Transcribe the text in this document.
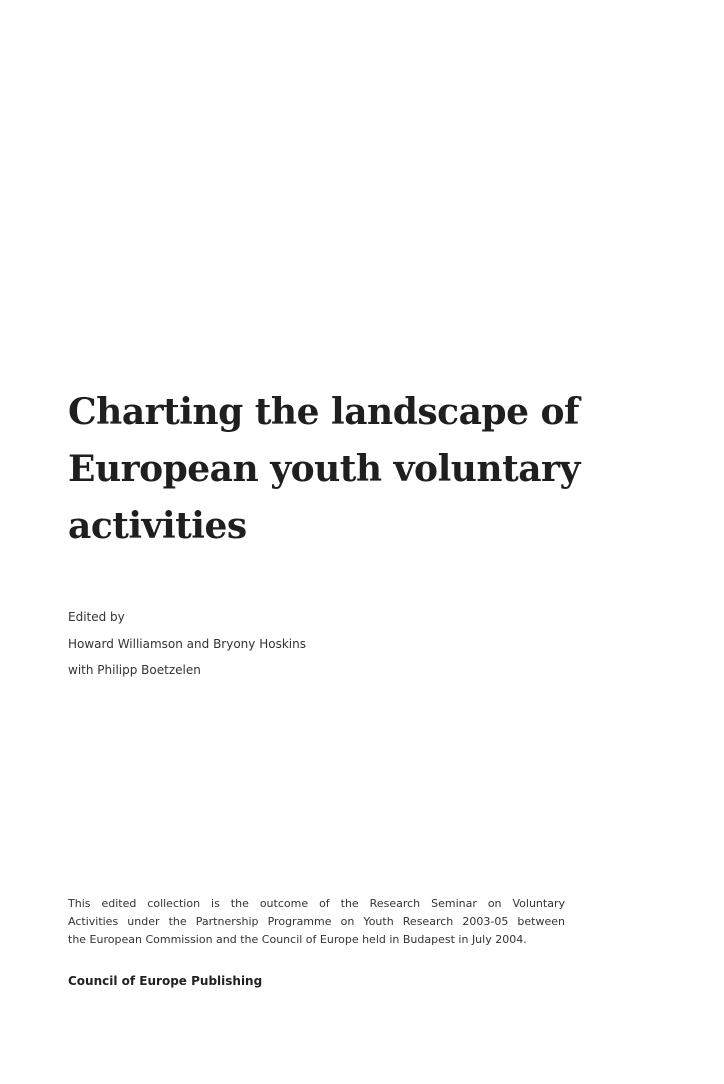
Charting the landscape of
European youth voluntary
activities
Edited by
Howard Williamson and Bryony Hoskins
with Philipp Boetzelen

This edited collection is the outcome of the Research Seminar on Voluntary
Activities under the Partnership Programme on Youth Research 2003-05 between
the European Commission and the Council of Europe held in Budapest in July 2004.

Council of Europe Publishing
